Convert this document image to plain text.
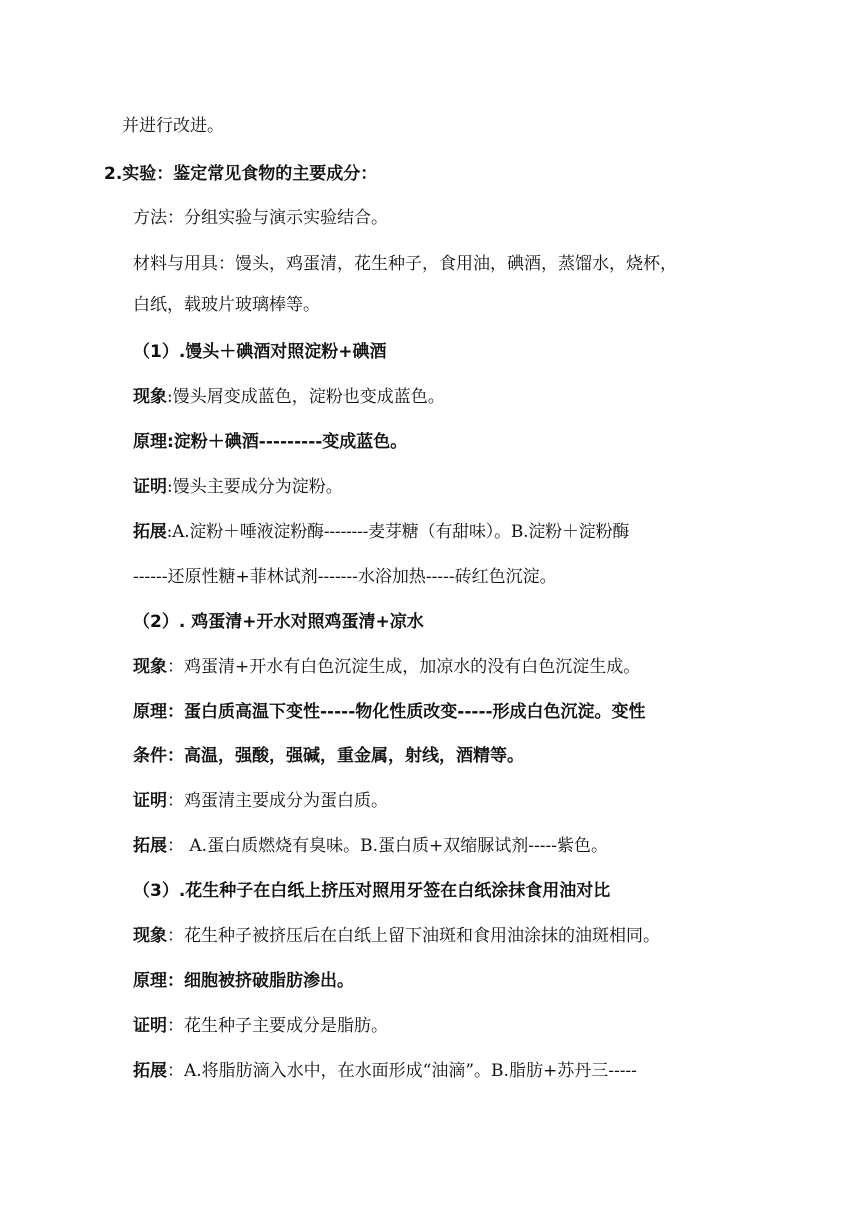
并进行改进。
2.实验：鉴定常见食物的主要成分：
方法：分组实验与演示实验结合。
材料与用具：馒头，鸡蛋清，花生种子，食用油，碘酒，蒸馏水，烧杯，
白纸，载玻片玻璃棒等。
（1）.馒头＋碘酒对照淀粉+碘酒
现象:馒头屑变成蓝色，淀粉也变成蓝色。
原理:淀粉＋碘酒---------变成蓝色。
证明:馒头主要成分为淀粉。
拓展:A.淀粉＋唾液淀粉酶--------麦芽糖（有甜味）。B.淀粉＋淀粉酶
------还原性糖+菲林试剂-------水浴加热-----砖红色沉淀。
（2）. 鸡蛋清+开水对照鸡蛋清+凉水
现象：鸡蛋清+开水有白色沉淀生成，加凉水的没有白色沉淀生成。
原理：蛋白质高温下变性-----物化性质改变-----形成白色沉淀。变性
条件：高温，强酸，强碱，重金属，射线，酒精等。
证明：鸡蛋清主要成分为蛋白质。
拓展： A.蛋白质燃烧有臭味。B.蛋白质+双缩脲试剂-----紫色。
（3）.花生种子在白纸上挤压对照用牙签在白纸涂抹食用油对比
现象：花生种子被挤压后在白纸上留下油斑和食用油涂抹的油斑相同。
原理：细胞被挤破脂肪渗出。
证明：花生种子主要成分是脂肪。
拓展：A.将脂肪滴入水中，在水面形成“油滴”。B.脂肪+苏丹三-----
